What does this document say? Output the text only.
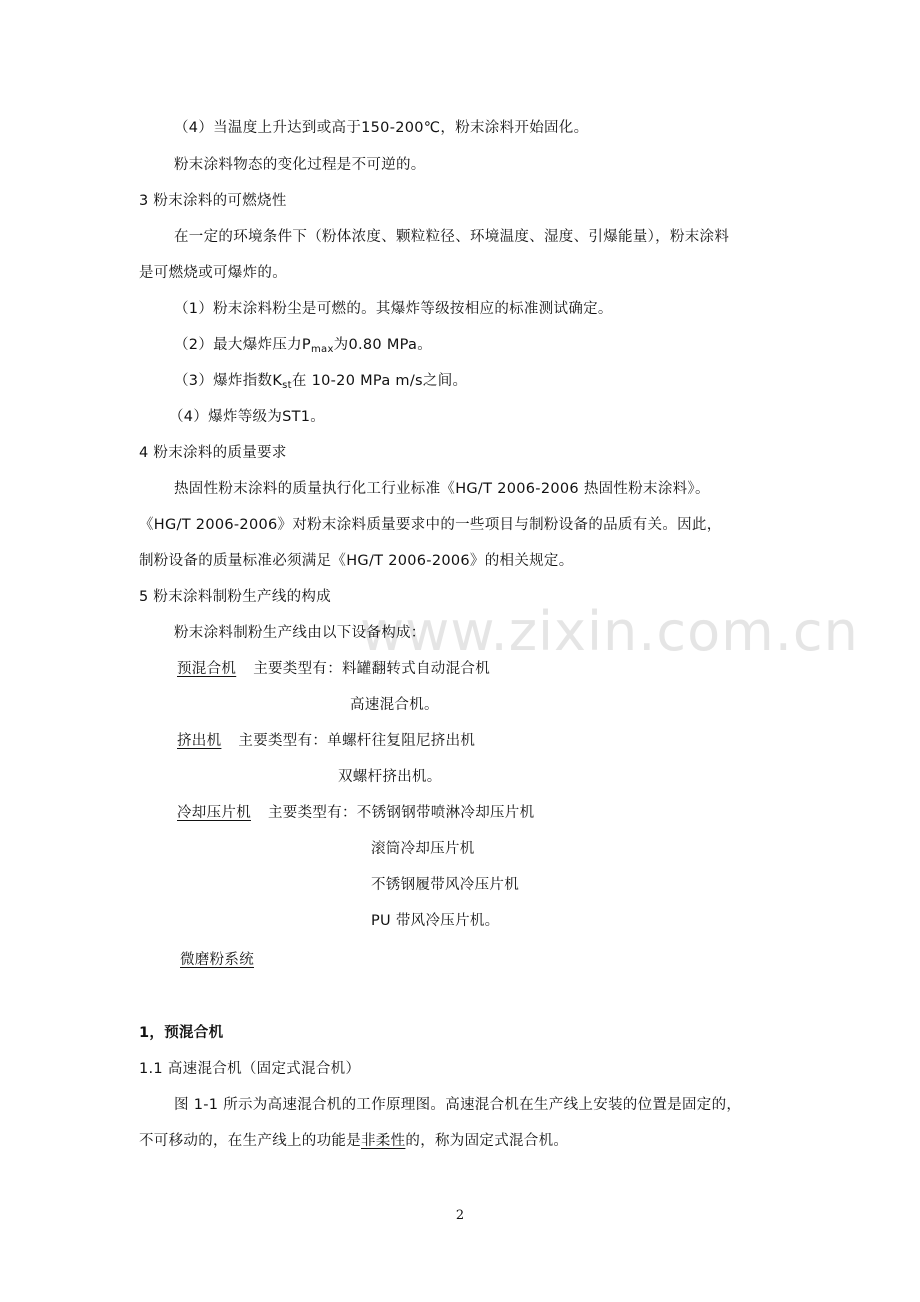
www.zixin.com.cn
（4）当温度上升达到或高于150-200℃，粉末涂料开始固化。
粉末涂料物态的变化过程是不可逆的。
3 粉末涂料的可燃烧性
在一定的环境条件下（粉体浓度、颗粒粒径、环境温度、湿度、引爆能量），粉末涂料
是可燃烧或可爆炸的。
（1）粉末涂料粉尘是可燃的。其爆炸等级按相应的标准测试确定。
（2）最大爆炸压力$P_{max}$为0.80 MPa。
（3）爆炸指数$K_{st}$在 10-20 MPa m/s之间。
（4）爆炸等级为ST1。
4 粉末涂料的质量要求
热固性粉末涂料的质量执行化工行业标准《HG/T 2006-2006 热固性粉末涂料》。
《HG/T 2006-2006》对粉末涂料质量要求中的一些项目与制粉设备的品质有关。因此，
制粉设备的质量标准必须满足《HG/T 2006-2006》的相关规定。
5 粉末涂料制粉生产线的构成
粉末涂料制粉生产线由以下设备构成：
预混合机 主要类型有：料罐翻转式自动混合机
高速混合机。
挤出机 主要类型有：单螺杆往复阻尼挤出机
双螺杆挤出机。
冷却压片机 主要类型有：不锈钢钢带喷淋冷却压片机
滚筒冷却压片机
不锈钢履带风冷压片机
PU 带风冷压片机。
微磨粉系统
1，预混合机
1.1 高速混合机（固定式混合机）
图 1-1 所示为高速混合机的工作原理图。高速混合机在生产线上安装的位置是固定的，
不可移动的，在生产线上的功能是非柔性的，称为固定式混合机。
2
